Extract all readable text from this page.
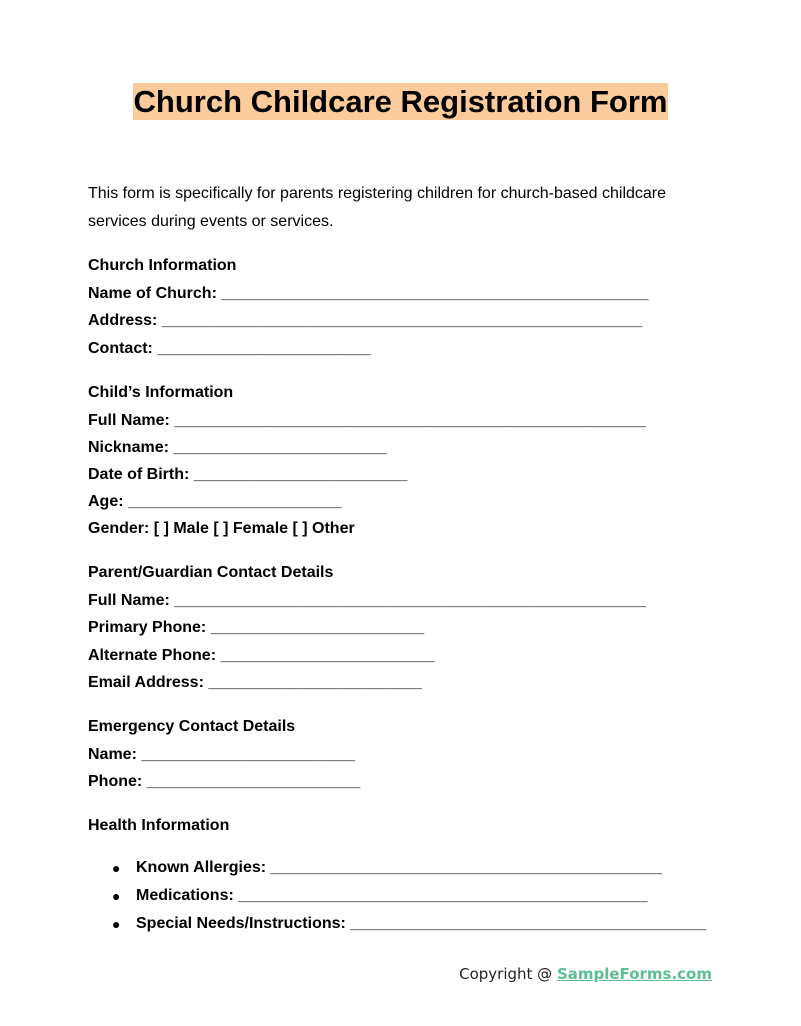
Church Childcare Registration Form
This form is specifically for parents registering children for church-based childcare services during events or services.
Church Information
Name of Church: ________________________________________________
Address: ______________________________________________________
Contact: ________________________
Child’s Information
Full Name: _____________________________________________________
Nickname: ________________________
Date of Birth: ________________________
Age: ________________________
Gender: [ ] Male [ ] Female [ ] Other
Parent/Guardian Contact Details
Full Name: _____________________________________________________
Primary Phone: ________________________
Alternate Phone: ________________________
Email Address: ________________________
Emergency Contact Details
Name: ________________________
Phone: ________________________
Health Information
● Known Allergies: ____________________________________________
● Medications: ______________________________________________
● Special Needs/Instructions: ________________________________________
Copyright @ SampleForms.com
